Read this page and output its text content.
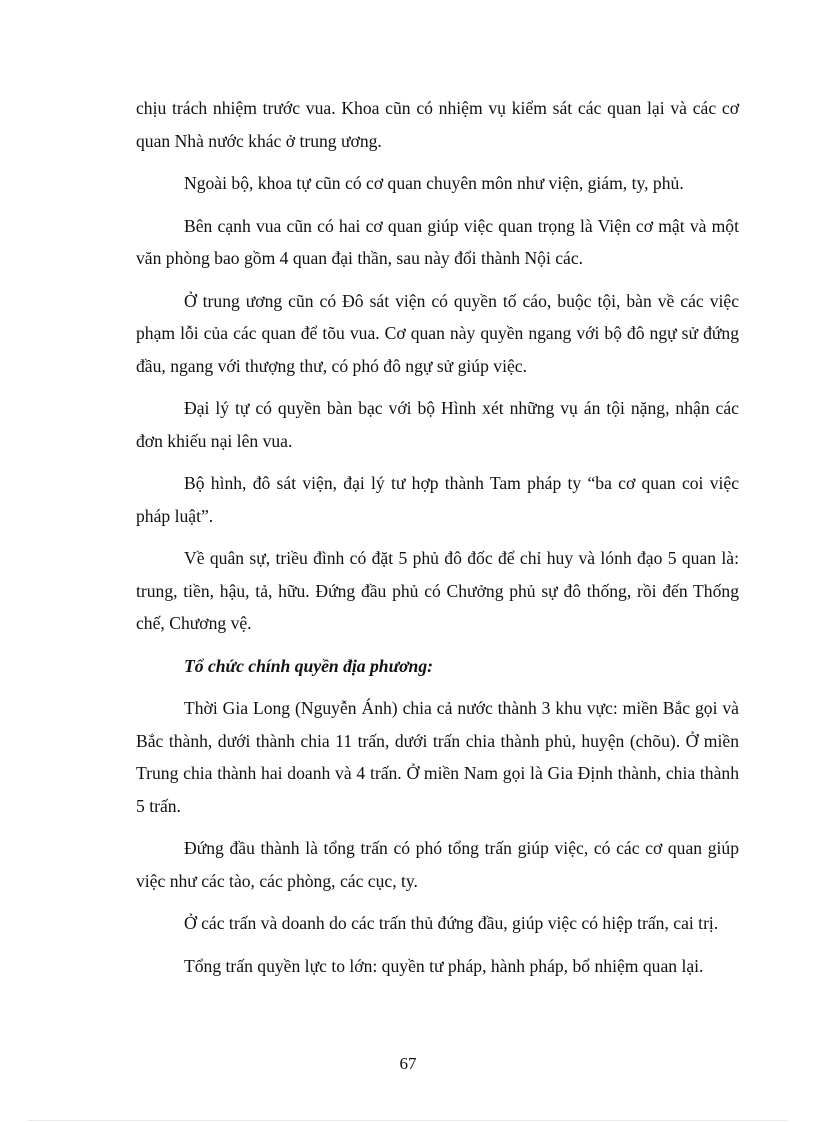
chịu trách nhiệm trước vua. Khoa cũn có nhiệm vụ kiểm sát các quan lại và các cơ quan Nhà nước khác ở trung ương.

Ngoài bộ, khoa tự cũn có cơ quan chuyên môn như viện, giám, ty, phủ.

Bên cạnh vua cũn có hai cơ quan giúp việc quan trọng là Viện cơ mật và một văn phòng bao gồm 4 quan đại thần, sau này đổi thành Nội các.

Ở trung ương cũn có Đô sát viện có quyền tố cáo, buộc tội, bàn về các việc phạm lỗi của các quan để tõu vua. Cơ quan này quyền ngang với bộ đô ngự sử đứng đầu, ngang với thượng thư, có phó đô ngự sử giúp việc.

Đại lý tự có quyền bàn bạc với bộ Hình xét những vụ án tội nặng, nhận các đơn khiếu nại lên vua.

Bộ hình, đô sát viện, đại lý tư hợp thành Tam pháp ty “ba cơ quan coi việc pháp luật”.

Về quân sự, triều đình có đặt 5 phủ đô đốc để chỉ huy và lónh đạo 5 quan là: trung, tiền, hậu, tả, hữu. Đứng đầu phủ có Chưởng phủ sự đô thống, rồi đến Thống chế, Chương vệ.

Tổ chức chính quyền địa phương:

Thời Gia Long (Nguyễn Ánh) chia cả nước thành 3 khu vực: miền Bắc gọi và Bắc thành, dưới thành chia 11 trấn, dưới trấn chia thành phủ, huyện (chõu). Ở miền Trung chia thành hai doanh và 4 trấn. Ở miền Nam gọi là Gia Định thành, chia thành 5 trấn.

Đứng đầu thành là tổng trấn có phó tổng trấn giúp việc, có các cơ quan giúp việc như các tào, các phòng, các cục, ty.

Ở các trấn và doanh do các trấn thủ đứng đầu, giúp việc có hiệp trấn, cai trị.

Tổng trấn quyền lực to lớn: quyền tư pháp, hành pháp, bổ nhiệm quan lại.

67
